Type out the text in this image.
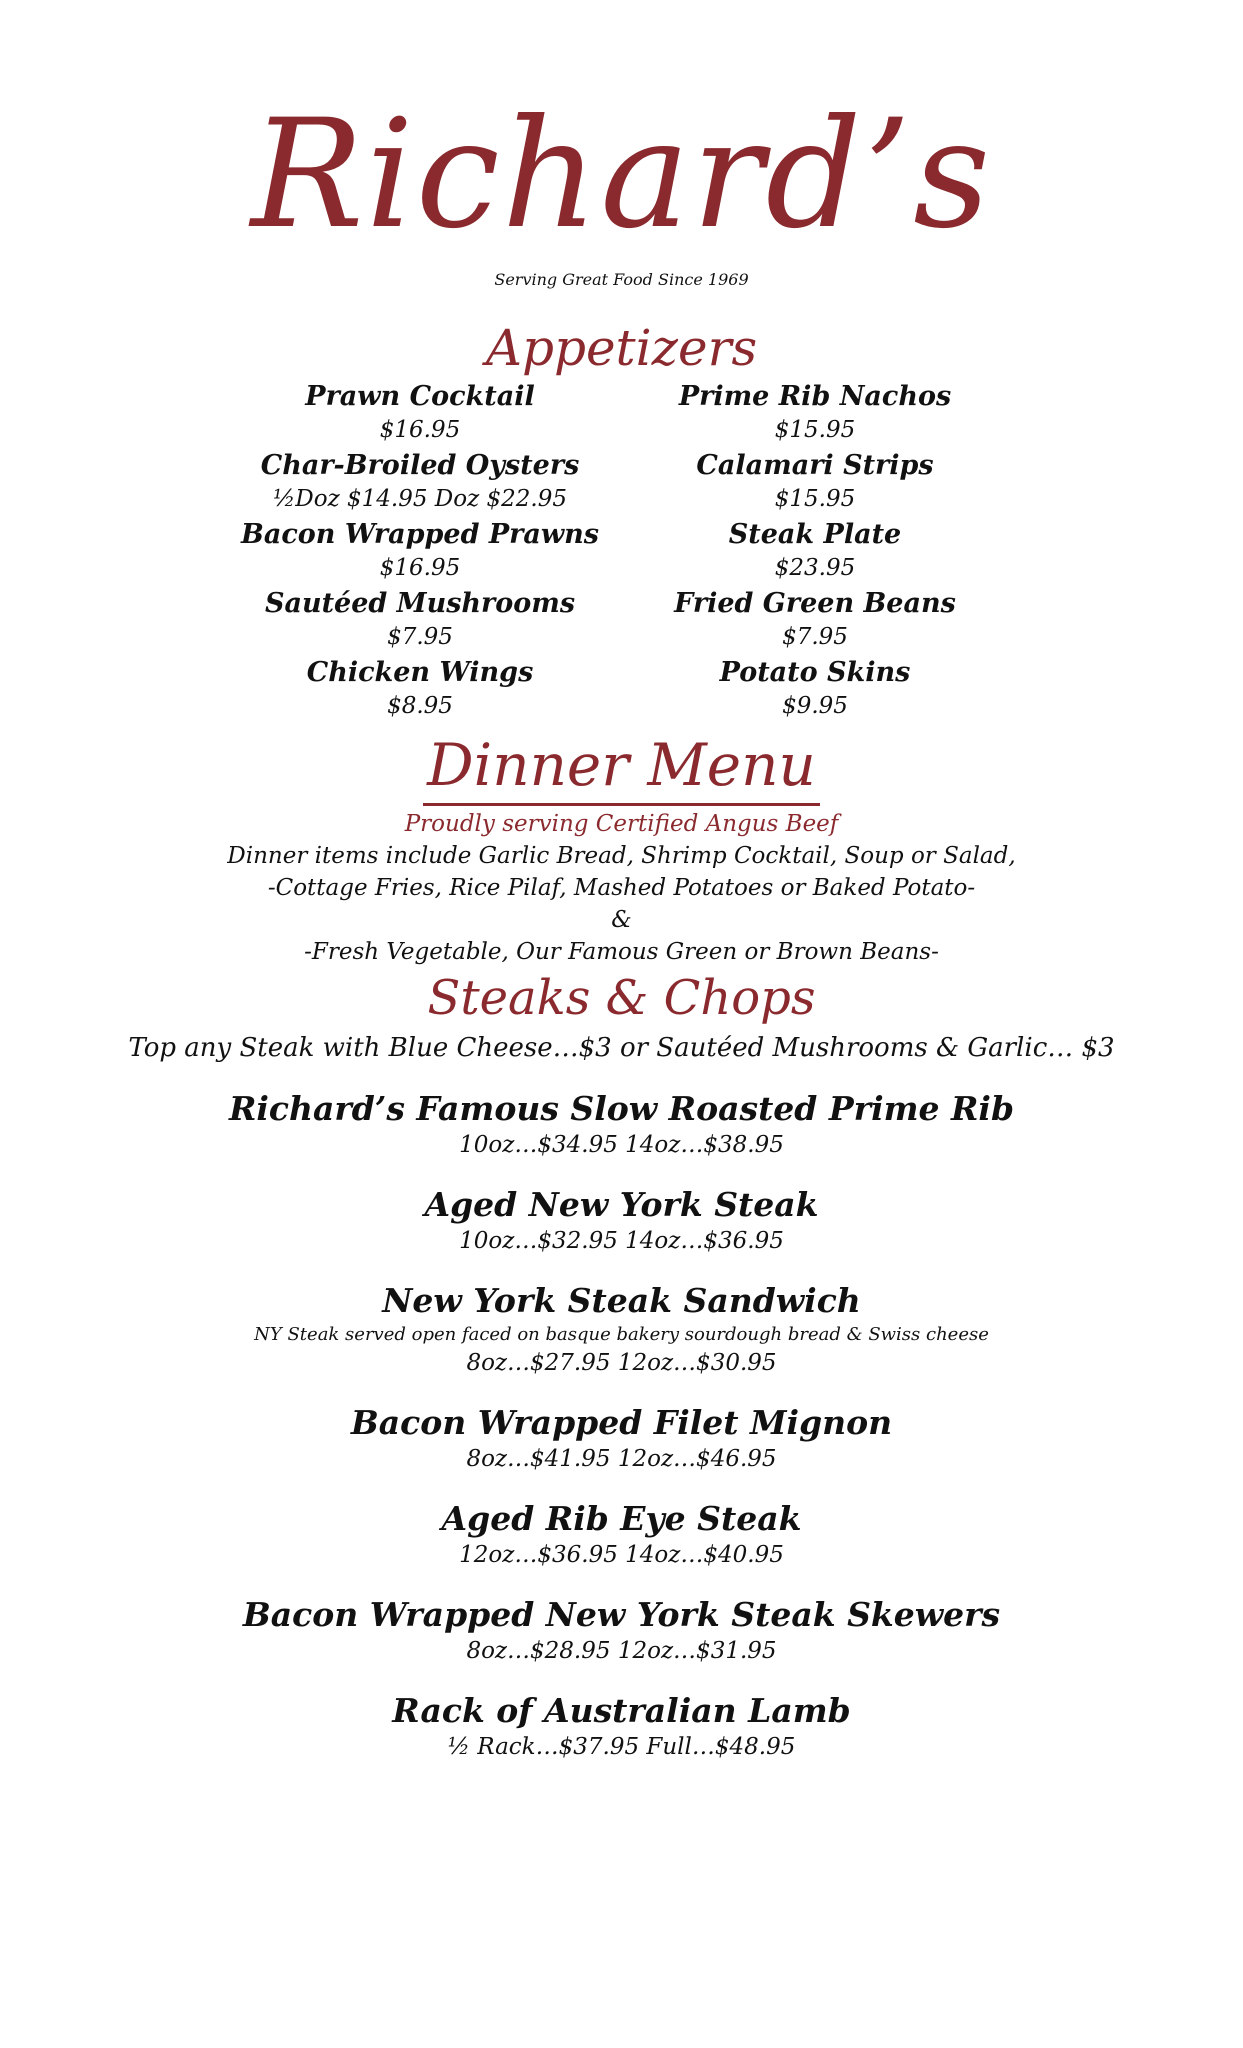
Richard’s
Serving Great Food Since 1969
Appetizers
Prawn Cocktail
$16.95
Char-Broiled Oysters
½Doz $14.95 Doz $22.95
Bacon Wrapped Prawns
$16.95
Sautéed Mushrooms
$7.95
Chicken Wings
$8.95
Prime Rib Nachos
$15.95
Calamari Strips
$15.95
Steak Plate
$23.95
Fried Green Beans
$7.95
Potato Skins
$9.95
Dinner Menu
Proudly serving Certified Angus Beef
Dinner items include Garlic Bread, Shrimp Cocktail, Soup or Salad,
-Cottage Fries, Rice Pilaf, Mashed Potatoes or Baked Potato-
&
-Fresh Vegetable, Our Famous Green or Brown Beans-
Steaks & Chops
Top any Steak with Blue Cheese…$3 or Sautéed Mushrooms & Garlic… $3
Richard’s Famous Slow Roasted Prime Rib
10oz…$34.95 14oz…$38.95
Aged New York Steak
10oz…$32.95 14oz…$36.95
New York Steak Sandwich
NY Steak served open faced on basque bakery sourdough bread & Swiss cheese
8oz…$27.95 12oz…$30.95
Bacon Wrapped Filet Mignon
8oz…$41.95 12oz…$46.95
Aged Rib Eye Steak
12oz…$36.95 14oz…$40.95
Bacon Wrapped New York Steak Skewers
8oz…$28.95 12oz…$31.95
Rack of Australian Lamb
½ Rack…$37.95 Full…$48.95
